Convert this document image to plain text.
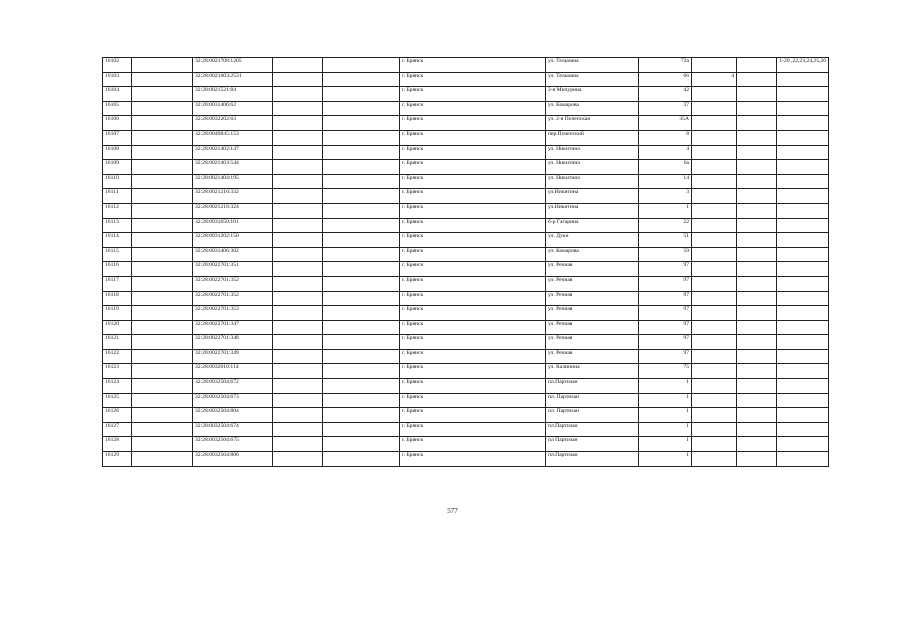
16102		32:28:0021708:1205			г. Брянск	ул. Тельмана	72а			1-20 ,22,23,24,25,26
16103		32:28:0021603:2531			г. Брянск	ул. Тельмана	66	4		
16104		32:28:0021521:84			г. Брянск	2-я Мичурина	42			
16105		32:28:0031406:62			г. Брянск	ул. Комарова	37			
16106		32:28:0032202:63			г. Брянск	ул. 2-я Почепская	35А			
16107		32:28:0040845:153			г. Брянск	пер.Почепский	8			
16108		32:28:0021402:147			г. Брянск	ул. Никитина	4			
16109		32:28:0021403:544			г. Брянск	ул. Никитина	6а			
16110		32:28:0021404:195			г. Брянск	ул. Никитина	14			
16111		32:28:0021216:332			г. Брянск	ул.Никитина	3			
16112		32:28:0021216:324			г. Брянск	ул.Никитина	1			
16113		32:28:0031650:101			г. Брянск	б-р Гагарина	22			
16114		32:28:0031202:150			г. Брянск	ул. Дуки	51			
16115		32:28:0031406:302			г. Брянск	ул. Комарова	59			
16116		32:28:0022701:351			г. Брянск	ул. Речная	97			
16117		32:28:0022701:352			г. Брянск	ул. Речная	97			
16118		32:28:0022701:352			г. Брянск	ул. Речная	97			
16119		32:28:0022701:353			г. Брянск	ул. Речная	97			
16120		32:28:0022701:347			г. Брянск	ул. Речная	97			
16121		32:28:0022701:348			г. Брянск	ул. Речная	97			
16122		32:28:0022701:349			г. Брянск	ул. Речная	97			
16123		32:28:0032010:114			г. Брянск	ул. Калинина	75			
16124		32:28:0032504:672			г. Брянск	пл.Партизан	1			
16125		32:28:0032504:673			г. Брянск	пл. Партизан	1			
16126		32:28:0032504:804			г. Брянск	пл. Партизан	1			
16127		32:28:0032504:674			г. Брянск	пл.Партизан	1			
16128		32:28:0032504:675			г. Брянск	пл Партизан	1			
16129		32:28:0032504:806			г. Брянск	пл.Партизан	1			
577
